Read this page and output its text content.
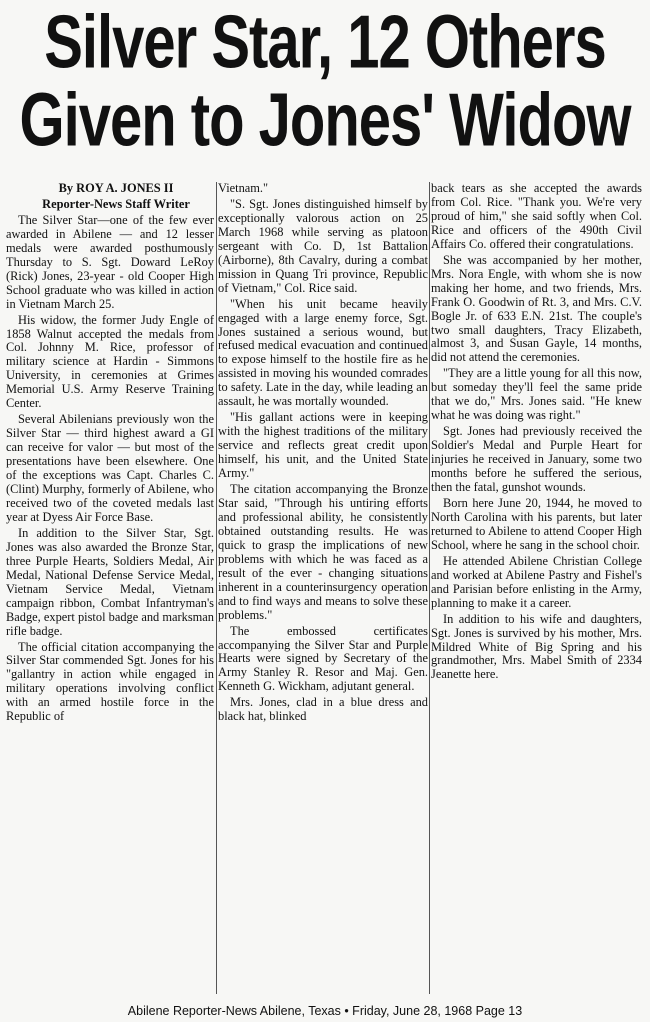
Silver Star, 12 Others
Given to Jones' Widow

By ROY A. JONES II

Reporter-News Staff Writer

The Silver Star—one of the few ever awarded in Abilene — and 12 lesser medals were awarded posthumously Thursday to S. Sgt. Doward LeRoy (Rick) Jones, 23-year - old Cooper High School graduate who was killed in action in Vietnam March 25.

His widow, the former Judy Engle of 1858 Walnut accepted the medals from Col. Johnny M. Rice, professor of military science at Hardin - Simmons University, in ceremonies at Grimes Memorial U.S. Army Reserve Training Center.

Several Abilenians previously won the Silver Star — third highest award a GI can receive for valor — but most of the presentations have been elsewhere. One of the exceptions was Capt. Charles C. (Clint) Murphy, formerly of Abilene, who received two of the coveted medals last year at Dyess Air Force Base.

In addition to the Silver Star, Sgt. Jones was also awarded the Bronze Star, three Purple Hearts, Soldiers Medal, Air Medal, National Defense Service Medal, Vietnam Service Medal, Vietnam campaign ribbon, Combat Infantryman's Badge, expert pistol badge and marksman rifle badge.

The official citation accompanying the Silver Star commended Sgt. Jones for his "gallantry in action while engaged in military operations involving conflict with an armed hostile force in the Republic of

Vietnam."

"S. Sgt. Jones distinguished himself by exceptionally valorous action on 25 March 1968 while serving as platoon sergeant with Co. D, 1st Battalion (Airborne), 8th Cavalry, during a combat mission in Quang Tri province, Republic of Vietnam," Col. Rice said.

"When his unit became heavily engaged with a large enemy force, Sgt. Jones sustained a serious wound, but refused medical evacuation and continued to expose himself to the hostile fire as he assisted in moving his wounded comrades to safety. Late in the day, while leading an assault, he was mortally wounded.

"His gallant actions were in keeping with the highest traditions of the military service and reflects great credit upon himself, his unit, and the United State Army."

The citation accompanying the Bronze Star said, "Through his untiring efforts and professional ability, he consistently obtained outstanding results. He was quick to grasp the implications of new problems with which he was faced as a result of the ever - changing situations inherent in a counterinsurgency operation and to find ways and means to solve these problems."

The embossed certificates accompanying the Silver Star and Purple Hearts were signed by Secretary of the Army Stanley R. Resor and Maj. Gen. Kenneth G. Wickham, adjutant general.

Mrs. Jones, clad in a blue dress and black hat, blinked

back tears as she accepted the awards from Col. Rice. "Thank you. We're very proud of him," she said softly when Col. Rice and officers of the 490th Civil Affairs Co. offered their congratulations.

She was accompanied by her mother, Mrs. Nora Engle, with whom she is now making her home, and two friends, Mrs. Frank O. Goodwin of Rt. 3, and Mrs. C.V. Bogle Jr. of 633 E.N. 21st. The couple's two small daughters, Tracy Elizabeth, almost 3, and Susan Gayle, 14 months, did not attend the ceremonies.

"They are a little young for all this now, but someday they'll feel the same pride that we do," Mrs. Jones said. "He knew what he was doing was right."

Sgt. Jones had previously received the Soldier's Medal and Purple Heart for injuries he received in January, some two months before he suffered the serious, then the fatal, gunshot wounds.

Born here June 20, 1944, he moved to North Carolina with his parents, but later returned to Abilene to attend Cooper High School, where he sang in the school choir.

He attended Abilene Christian College and worked at Abilene Pastry and Fishel's and Parisian before enlisting in the Army, planning to make it a career.

In addition to his wife and daughters, Sgt. Jones is survived by his mother, Mrs. Mildred White of Big Spring and his grandmother, Mrs. Mabel Smith of 2334 Jeanette here.

Abilene Reporter-News Abilene, Texas • Friday, June 28, 1968 Page 13
